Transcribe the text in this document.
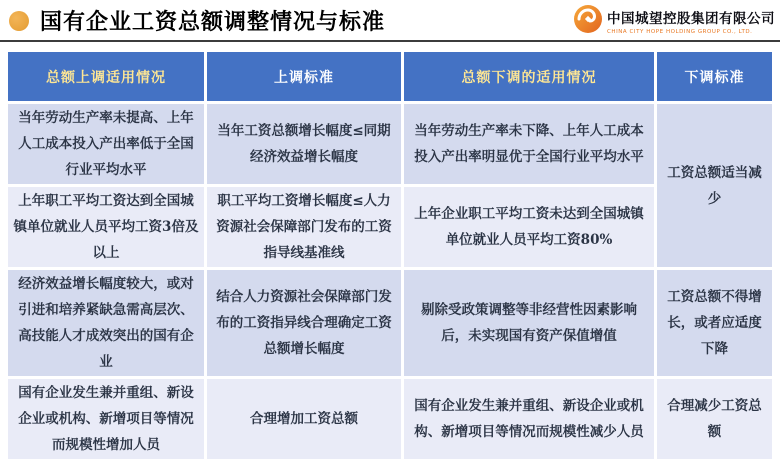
国有企业工资总额调整情况与标准	中国城望控股集团有限公司
CHINA CITY HOPE HOLDING GROUP CO., LTD.
总额上调适用情况	上调标准	总额下调的适用情况	下调标准
当年劳动生产率未提高、上年人工成本投入产出率低于全国行业平均水平	当年工资总额增长幅度≤同期经济效益增长幅度	当年劳动生产率未下降、上年人工成本投入产出率明显优于全国行业平均水平	工资总额适当减少
上年职工平均工资达到全国城镇单位就业人员平均工资3倍及以上	职工平均工资增长幅度≤人力资源社会保障部门发布的工资指导线基准线	上年企业职工平均工资未达到全国城镇单位就业人员平均工资80%	
经济效益增长幅度较大，或对引进和培养紧缺急需高层次、高技能人才成效突出的国有企业	结合人力资源社会保障部门发布的工资指异线合理确定工资总额增长幅度	剔除受政策调整等非经营性因素影响后，未实现国有资产保值增值	工资总额不得增长，或者应适度下降
国有企业发生兼并重组、新设企业或机构、新增项目等情况而规模性增加人员	合理增加工资总额	国有企业发生兼并重组、新设企业或机构、新增项目等情况而规模性减少人员	合理减少工资总额
